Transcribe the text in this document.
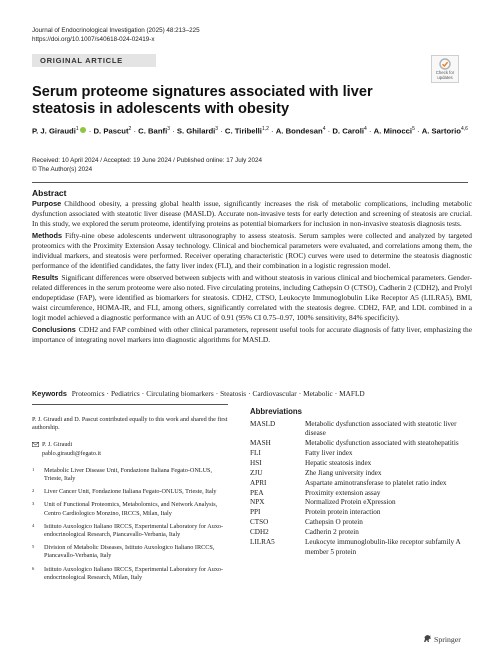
Journal of Endocrinological Investigation (2025) 48:213–225
https://doi.org/10.1007/s40618-024-02419-x
ORIGINAL ARTICLE
Check for updates
Serum proteome signatures associated with liver steatosis in adolescents with obesity
P. J. Giraudi$^1$ · D. Pascut$^2$ · C. Banfi$^3$ · S. Ghilardi$^3$ · C. Tiribelli$^{1,2}$ · A. Bondesan$^4$ · D. Caroli$^4$ · A. Minocci$^5$ · A. Sartorio$^{4,6}$
Received: 10 April 2024 / Accepted: 19 June 2024 / Published online: 17 July 2024
© The Author(s) 2024
Abstract

Purpose Childhood obesity, a pressing global health issue, significantly increases the risk of metabolic complications, including metabolic dysfunction associated with steatotic liver disease (MASLD). Accurate non-invasive tests for early detection and screening of steatosis are crucial. In this study, we explored the serum proteome, identifying proteins as potential biomarkers for inclusion in non-invasive steatosis diagnosis tests.

Methods Fifty-nine obese adolescents underwent ultrasonography to assess steatosis. Serum samples were collected and analyzed by targeted proteomics with the Proximity Extension Assay technology. Clinical and biochemical parameters were evaluated, and correlations among them, the individual markers, and steatosis were performed. Receiver operating characteristic (ROC) curves were used to determine the steatosis diagnostic performance of the identified candidates, the fatty liver index (FLI), and their combination in a logistic regression model.

Results Significant differences were observed between subjects with and without steatosis in various clinical and biochemical parameters. Gender-related differences in the serum proteome were also noted. Five circulating proteins, including Cathepsin O (CTSO), Cadherin 2 (CDH2), and Prolyl endopeptidase (FAP), were identified as biomarkers for steatosis. CDH2, CTSO, Leukocyte Immunoglobulin Like Receptor A5 (LILRA5), BMI, waist circumference, HOMA-IR, and FLI, among others, significantly correlated with the steatosis degree. CDH2, FAP, and LDL combined in a logit model achieved a diagnostic performance with an AUC of 0.91 (95% CI 0.75–0.97, 100% sensitivity, 84% specificity).

Conclusions CDH2 and FAP combined with other clinical parameters, represent useful tools for accurate diagnosis of fatty liver, emphasizing the importance of integrating novel markers into diagnostic algorithms for MASLD.

Keywords Proteomics · Pediatrics · Circulating biomarkers · Steatosis · Cardiovascular · Metabolic · MAFLD
P. J. Giraudi and D. Pascut contributed equally to this work and shared the first authorship.
P. J. Giraudi
pablo.giraudi@fegato.it
1 Metabolic Liver Disease Unit, Fondazione Italiana Fegato-ONLUS, Trieste, Italy
2 Liver Cancer Unit, Fondazione Italiana Fegato-ONLUS, Trieste, Italy
3 Unit of Functional Proteomics, Metabolomics, and Network Analysis, Centro Cardiologico Monzino, IRCCS, Milan, Italy
4 Istituto Auxologico Italiano IRCCS, Experimental Laboratory for Auxo-endocrinological Research, Piancavallo-Verbania, Italy
5 Division of Metabolic Diseases, Istituto Auxologico Italiano IRCCS, Piancavallo-Verbania, Italy
6 Istituto Auxologico Italiano IRCCS, Experimental Laboratory for Auxo-endocrinological Research, Milan, Italy
Abbreviations
MASLD	Metabolic dysfunction associated with steatotic liver disease
MASH	Metabolic dysfunction associated with steatohepatitis
FLI	Fatty liver index
HSI	Hepatic steatosis index
ZJU	Zhe Jiang university index
APRI	Aspartate aminotransferase to platelet ratio index
PEA	Proximity extension assay
NPX	Normalized Protein eXpression
PPI	Protein protein interaction
CTSO	Cathepsin O protein
CDH2	Cadherin 2 protein
LILRA5	Leukocyte immunoglobulin-like receptor subfamily A member 5 protein
Springer
